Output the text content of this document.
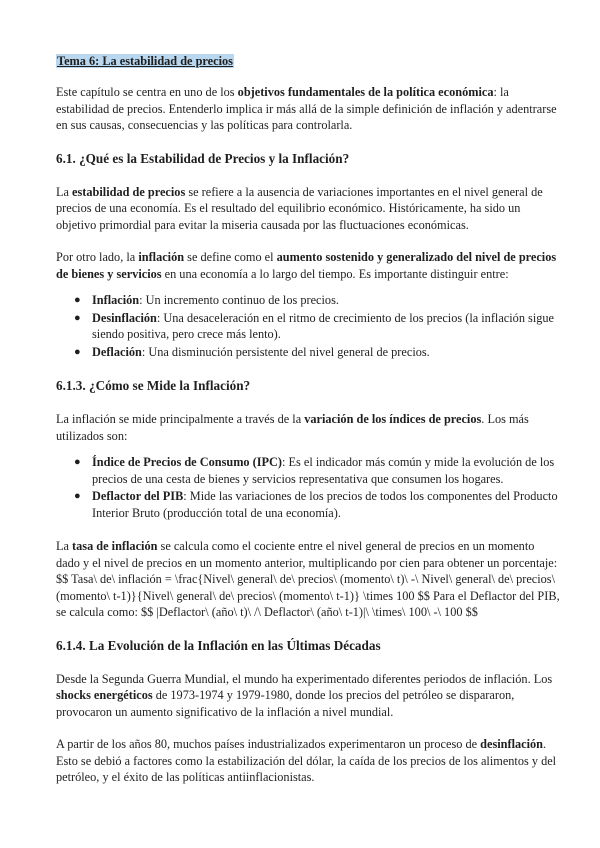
Tema 6: La estabilidad de precios

Este capítulo se centra en uno de los objetivos fundamentales de la política económica: la estabilidad de precios. Entenderlo implica ir más allá de la simple definición de inflación y adentrarse en sus causas, consecuencias y las políticas para controlarla.

6.1. ¿Qué es la Estabilidad de Precios y la Inflación?

La estabilidad de precios se refiere a la ausencia de variaciones importantes en el nivel general de precios de una economía. Es el resultado del equilibrio económico. Históricamente, ha sido un objetivo primordial para evitar la miseria causada por las fluctuaciones económicas.

Por otro lado, la inflación se define como el aumento sostenido y generalizado del nivel de precios de bienes y servicios en una economía a lo largo del tiempo. Es importante distinguir entre:

● Inflación: Un incremento continuo de los precios.
● Desinflación: Una desaceleración en el ritmo de crecimiento de los precios (la inflación sigue siendo positiva, pero crece más lento).
● Deflación: Una disminución persistente del nivel general de precios.
6.1.3. ¿Cómo se Mide la Inflación?

La inflación se mide principalmente a través de la variación de los índices de precios. Los más utilizados son:

● Índice de Precios de Consumo (IPC): Es el indicador más común y mide la evolución de los precios de una cesta de bienes y servicios representativa que consumen los hogares.
● Deflactor del PIB: Mide las variaciones de los precios de todos los componentes del Producto Interior Bruto (producción total de una economía).

La tasa de inflación se calcula como el cociente entre el nivel general de precios en un momento dado y el nivel de precios en un momento anterior, multiplicando por cien para obtener un porcentaje: $$ Tasa\ de\ inflación = \frac{Nivel\ general\ de\ precios\ (momento\ t)\ -\ Nivel\ general\ de\ precios\ (momento\ t-1)}{Nivel\ general\ de\ precios\ (momento\ t-1)} \times 100 $$ Para el Deflactor del PIB, se calcula como: $$ |Deflactor\ (año\ t)\ /\ Deflactor\ (año\ t-1)|\ \times\ 100\ -\ 100 $$

6.1.4. La Evolución de la Inflación en las Últimas Décadas

Desde la Segunda Guerra Mundial, el mundo ha experimentado diferentes periodos de inflación. Los shocks energéticos de 1973-1974 y 1979-1980, donde los precios del petróleo se dispararon, provocaron un aumento significativo de la inflación a nivel mundial.

A partir de los años 80, muchos países industrializados experimentaron un proceso de desinflación. Esto se debió a factores como la estabilización del dólar, la caída de los precios de los alimentos y del petróleo, y el éxito de las políticas antiinflacionistas.
